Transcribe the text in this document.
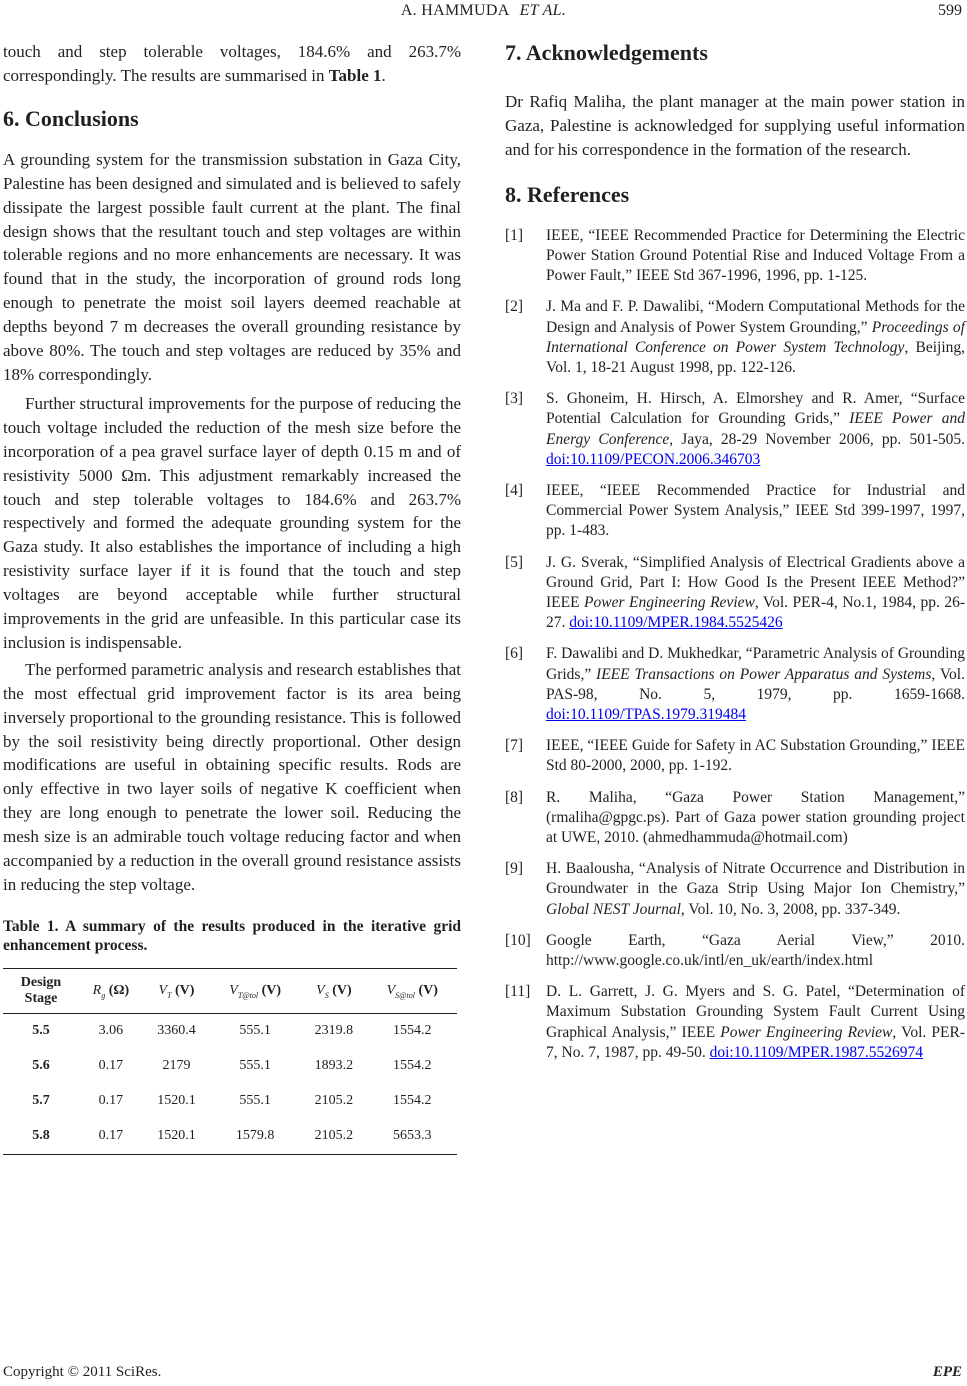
A. HAMMUDA ET AL.	599

touch and step tolerable voltages, 184.6% and 263.7% correspondingly. The results are summarised in Table 1.

6. Conclusions

A grounding system for the transmission substation in Gaza City, Palestine has been designed and simulated and is believed to safely dissipate the largest possible fault current at the plant. The final design shows that the resultant touch and step voltages are within tolerable regions and no more enhancements are necessary. It was found that in the study, the incorporation of ground rods long enough to penetrate the moist soil layers deemed reachable at depths beyond 7 m decreases the overall grounding resistance by above 80%. The touch and step voltages are reduced by 35% and 18% correspondingly.

Further structural improvements for the purpose of reducing the touch voltage included the reduction of the mesh size before the incorporation of a pea gravel surface layer of depth 0.15 m and of resistivity 5000 Ωm. This adjustment remarkably increased the touch and step tolerable voltages to 184.6% and 263.7% respectively and formed the adequate grounding system for the Gaza study. It also establishes the importance of including a high resistivity surface layer if it is found that the touch and step voltages are beyond acceptable while further structural improvements in the grid are unfeasible. In this particular case its inclusion is indispensable.

The performed parametric analysis and research establishes that the most effectual grid improvement factor is its area being inversely proportional to the grounding resistance. This is followed by the soil resistivity being directly proportional. Other design modifications are useful in obtaining specific results. Rods are only effective in two layer soils of negative K coefficient when they are long enough to penetrate the lower soil. Reducing the mesh size is an admirable touch voltage reducing factor and when accompanied by a reduction in the overall ground resistance assists in reducing the step voltage.

Table 1. A summary of the results produced in the iterative grid enhancement process.

Design Stage	$R_g$ (Ω)	$V_T$ (V)	$V_{T@tol}$ (V)	$V_S$ (V)	$V_{S@tol}$ (V)
5.5	3.06	3360.4	555.1	2319.8	1554.2
5.6	0.17	2179	555.1	1893.2	1554.2
5.7	0.17	1520.1	555.1	2105.2	1554.2
5.8	0.17	1520.1	1579.8	2105.2	5653.3
7. Acknowledgements

Dr Rafiq Maliha, the plant manager at the main power station in Gaza, Palestine is acknowledged for supplying useful information and for his correspondence in the formation of the research.

8. References
[1] IEEE, “IEEE Recommended Practice for Determining the Electric Power Station Ground Potential Rise and Induced Voltage From a Power Fault,” IEEE Std 367-1996, 1996, pp. 1-125.
[2] J. Ma and F. P. Dawalibi, “Modern Computational Methods for the Design and Analysis of Power System Grounding,” Proceedings of International Conference on Power System Technology, Beijing, Vol. 1, 18-21 August 1998, pp. 122-126.
[3] S. Ghoneim, H. Hirsch, A. Elmorshey and R. Amer, “Surface Potential Calculation for Grounding Grids,” IEEE Power and Energy Conference, Jaya, 28-29 November 2006, pp. 501-505. doi:10.1109/PECON.2006.346703
[4] IEEE, “IEEE Recommended Practice for Industrial and Commercial Power System Analysis,” IEEE Std 399-1997, 1997, pp. 1-483.
[5] J. G. Sverak, “Simplified Analysis of Electrical Gradients above a Ground Grid, Part I: How Good Is the Present IEEE Method?” IEEE Power Engineering Review, Vol. PER-4, No.1, 1984, pp. 26-27. doi:10.1109/MPER.1984.5525426
[6] F. Dawalibi and D. Mukhedkar, “Parametric Analysis of Grounding Grids,” IEEE Transactions on Power Apparatus and Systems, Vol. PAS-98, No. 5, 1979, pp. 1659-1668. doi:10.1109/TPAS.1979.319484
[7] IEEE, “IEEE Guide for Safety in AC Substation Grounding,” IEEE Std 80-2000, 2000, pp. 1-192.
[8] R. Maliha, “Gaza Power Station Management,” (rmaliha@gpgc.ps). Part of Gaza power station grounding project at UWE, 2010. (ahmedhammuda@hotmail.com)
[9] H. Baalousha, “Analysis of Nitrate Occurrence and Distribution in Groundwater in the Gaza Strip Using Major Ion Chemistry,” Global NEST Journal, Vol. 10, No. 3, 2008, pp. 337-349.
[10] Google Earth, “Gaza Aerial View,” 2010. http://www.google.co.uk/intl/en_uk/earth/index.html
[11] D. L. Garrett, J. G. Myers and S. G. Patel, “Determination of Maximum Substation Grounding System Fault Current Using Graphical Analysis,” IEEE Power Engineering Review, Vol. PER-7, No. 7, 1987, pp. 49-50. doi:10.1109/MPER.1987.5526974
Copyright © 2011 SciRes.	EPE
